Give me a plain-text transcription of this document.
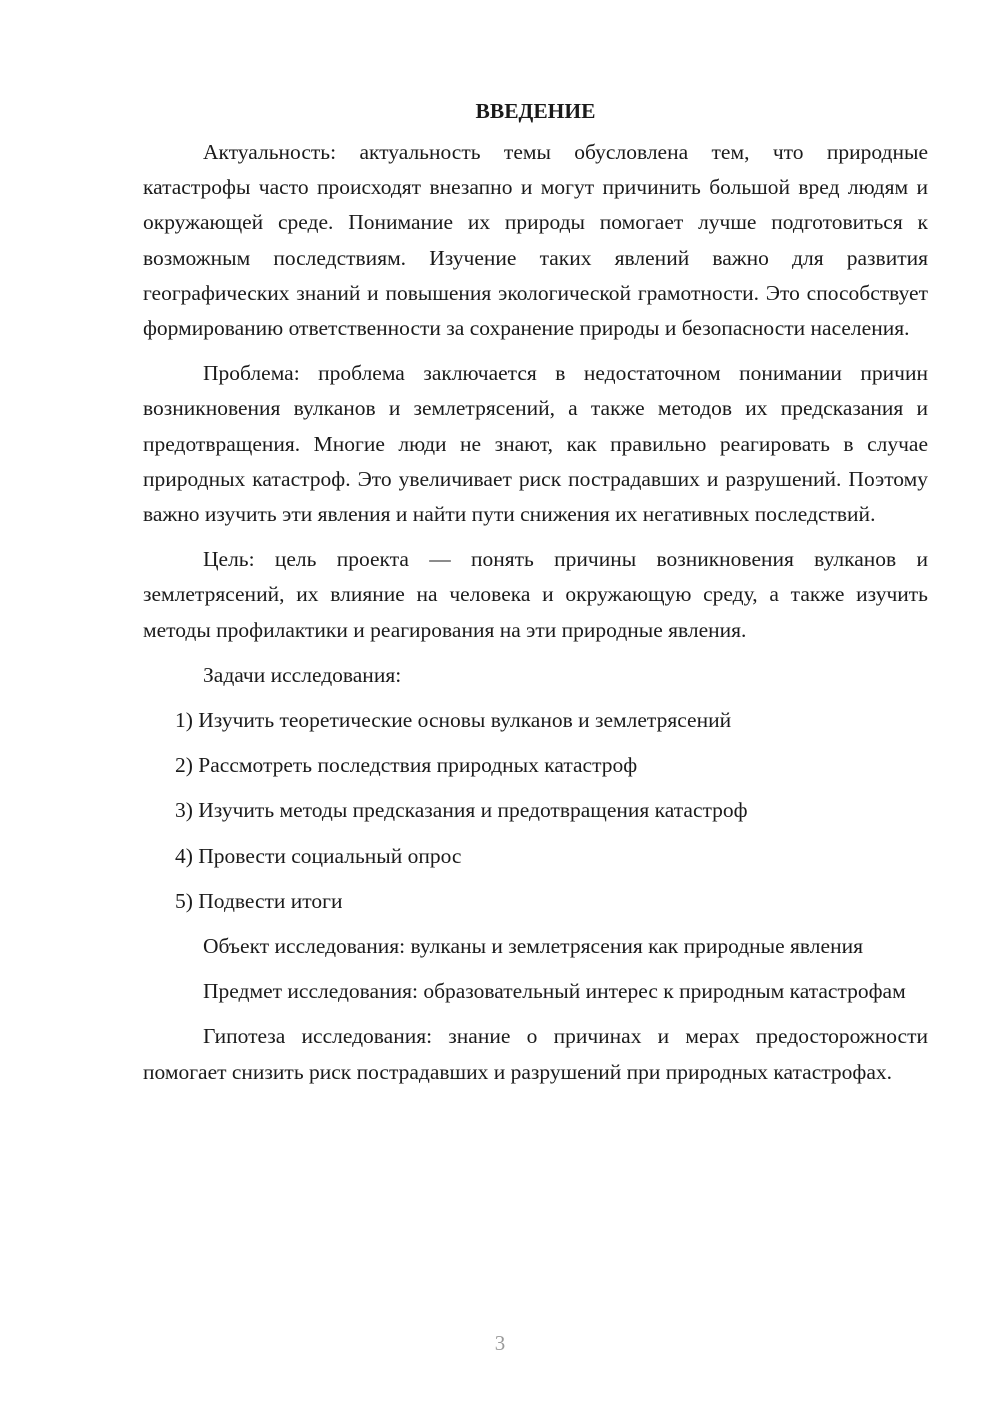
ВВЕДЕНИЕ

Актуальность: актуальность темы обусловлена тем, что природные катастрофы часто происходят внезапно и могут причинить большой вред людям и окружающей среде. Понимание их природы помогает лучше подготовиться к возможным последствиям. Изучение таких явлений важно для развития географических знаний и повышения экологической грамотности. Это способствует формированию ответственности за сохранение природы и безопасности населения.

Проблема: проблема заключается в недостаточном понимании причин возникновения вулканов и землетрясений, а также методов их предсказания и предотвращения. Многие люди не знают, как правильно реагировать в случае природных катастроф. Это увеличивает риск пострадавших и разрушений. Поэтому важно изучить эти явления и найти пути снижения их негативных последствий.

Цель: цель проекта — понять причины возникновения вулканов и землетрясений, их влияние на человека и окружающую среду, а также изучить методы профилактики и реагирования на эти природные явления.

Задачи исследования:

1) Изучить теоретические основы вулканов и землетрясений
2) Рассмотреть последствия природных катастроф
3) Изучить методы предсказания и предотвращения катастроф
4) Провести социальный опрос
5) Подвести итоги

Объект исследования: вулканы и землетрясения как природные явления

Предмет исследования: образовательный интерес к природным катастрофам

Гипотеза исследования: знание о причинах и мерах предосторожности помогает снизить риск пострадавших и разрушений при природных катастрофах.

3
